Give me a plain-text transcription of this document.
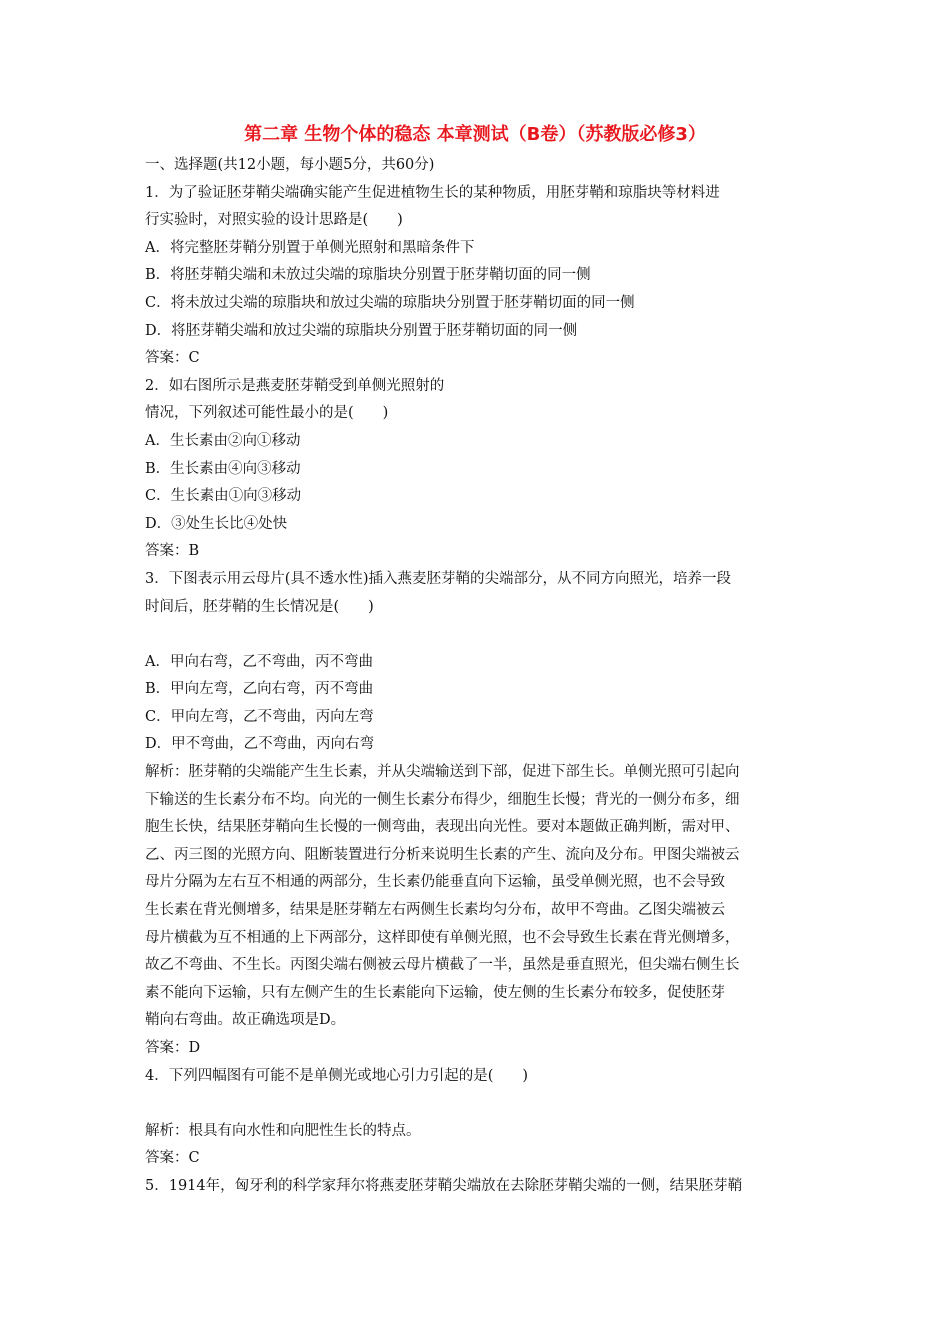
第二章 生物个体的稳态 本章测试（B卷）（苏教版必修3）
一、选择题(共12小题，每小题5分，共60分)
1．为了验证胚芽鞘尖端确实能产生促进植物生长的某种物质，用胚芽鞘和琼脂块等材料进
行实验时，对照实验的设计思路是(　　)
A．将完整胚芽鞘分别置于单侧光照射和黑暗条件下
B．将胚芽鞘尖端和未放过尖端的琼脂块分别置于胚芽鞘切面的同一侧
C．将未放过尖端的琼脂块和放过尖端的琼脂块分别置于胚芽鞘切面的同一侧
D．将胚芽鞘尖端和放过尖端的琼脂块分别置于胚芽鞘切面的同一侧
答案：C
2．如右图所示是燕麦胚芽鞘受到单侧光照射的
情况，下列叙述可能性最小的是(　　)
A．生长素由②向①移动
B．生长素由④向③移动
C．生长素由①向③移动
D．③处生长比④处快
答案：B
3．下图表示用云母片(具不透水性)插入燕麦胚芽鞘的尖端部分，从不同方向照光，培养一段
时间后，胚芽鞘的生长情况是(　　)
A．甲向右弯，乙不弯曲，丙不弯曲
B．甲向左弯，乙向右弯，丙不弯曲
C．甲向左弯，乙不弯曲，丙向左弯
D．甲不弯曲，乙不弯曲，丙向右弯
解析：胚芽鞘的尖端能产生生长素，并从尖端输送到下部，促进下部生长。单侧光照可引起向
下输送的生长素分布不均。向光的一侧生长素分布得少，细胞生长慢；背光的一侧分布多，细
胞生长快，结果胚芽鞘向生长慢的一侧弯曲，表现出向光性。要对本题做正确判断，需对甲、
乙、丙三图的光照方向、阻断装置进行分析来说明生长素的产生、流向及分布。甲图尖端被云
母片分隔为左右互不相通的两部分，生长素仍能垂直向下运输，虽受单侧光照，也不会导致
生长素在背光侧增多，结果是胚芽鞘左右两侧生长素均匀分布，故甲不弯曲。乙图尖端被云
母片横截为互不相通的上下两部分，这样即使有单侧光照，也不会导致生长素在背光侧增多，
故乙不弯曲、不生长。丙图尖端右侧被云母片横截了一半，虽然是垂直照光，但尖端右侧生长
素不能向下运输，只有左侧产生的生长素能向下运输，使左侧的生长素分布较多，促使胚芽
鞘向右弯曲。故正确选项是D。
答案：D
4．下列四幅图有可能不是单侧光或地心引力引起的是(　　)
解析：根具有向水性和向肥性生长的特点。
答案：C
5．1914年，匈牙利的科学家拜尔将燕麦胚芽鞘尖端放在去除胚芽鞘尖端的一侧，结果胚芽鞘
